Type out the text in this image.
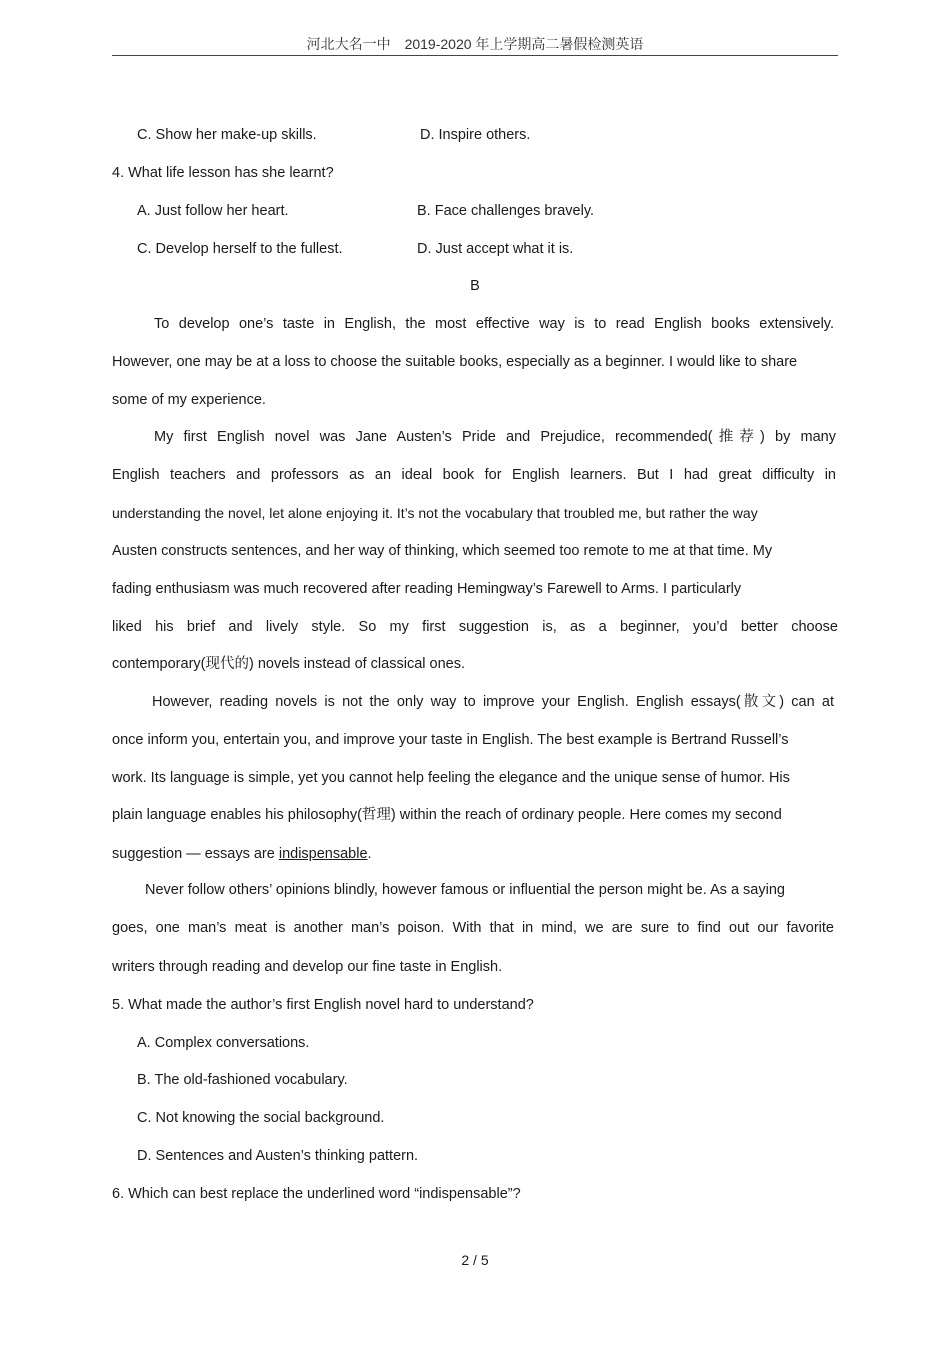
河北大名一中　2019-2020 年上学期高二暑假检测英语
C. Show her make-up skills.	D. Inspire others.
4. What life lesson has she learnt?
A. Just follow her heart.	B. Face challenges bravely.
C. Develop herself to the fullest.	D. Just accept what it is.
B
To develop one’s taste in English, the most effective way is to read English books extensively.
However, one may be at a loss to choose the suitable books, especially as a beginner. I would like to share
some of my experience.
My first English novel was Jane Austen’s Pride and Prejudice, recommended(推荐) by many
English teachers and professors as an ideal book for English learners. But I had great difficulty in
understanding the novel, let alone enjoying it. It’s not the vocabulary that troubled me, but rather the way
Austen constructs sentences, and her way of thinking, which seemed too remote to me at that time. My
fading enthusiasm was much recovered after reading Hemingway’s Farewell to Arms. I particularly
liked his brief and lively style. So my first suggestion is, as a beginner, you’d better choose
contemporary(现代的) novels instead of classical ones.
However, reading novels is not the only way to improve your English. English essays(散文) can at
once inform you, entertain you, and improve your taste in English. The best example is Bertrand Russell’s
work. Its language is simple, yet you cannot help feeling the elegance and the unique sense of humor. His
plain language enables his philosophy(哲理) within the reach of ordinary people. Here comes my second
suggestion — essays are indispensable.
Never follow others’ opinions blindly, however famous or influential the person might be. As a saying
goes, one man’s meat is another man’s poison. With that in mind, we are sure to find out our favorite
writers through reading and develop our fine taste in English.
5. What made the author’s first English novel hard to understand?
A. Complex conversations.
B. The old-fashioned vocabulary.
C. Not knowing the social background.
D. Sentences and Austen’s thinking pattern.
6. Which can best replace the underlined word “indispensable”?
2 / 5
